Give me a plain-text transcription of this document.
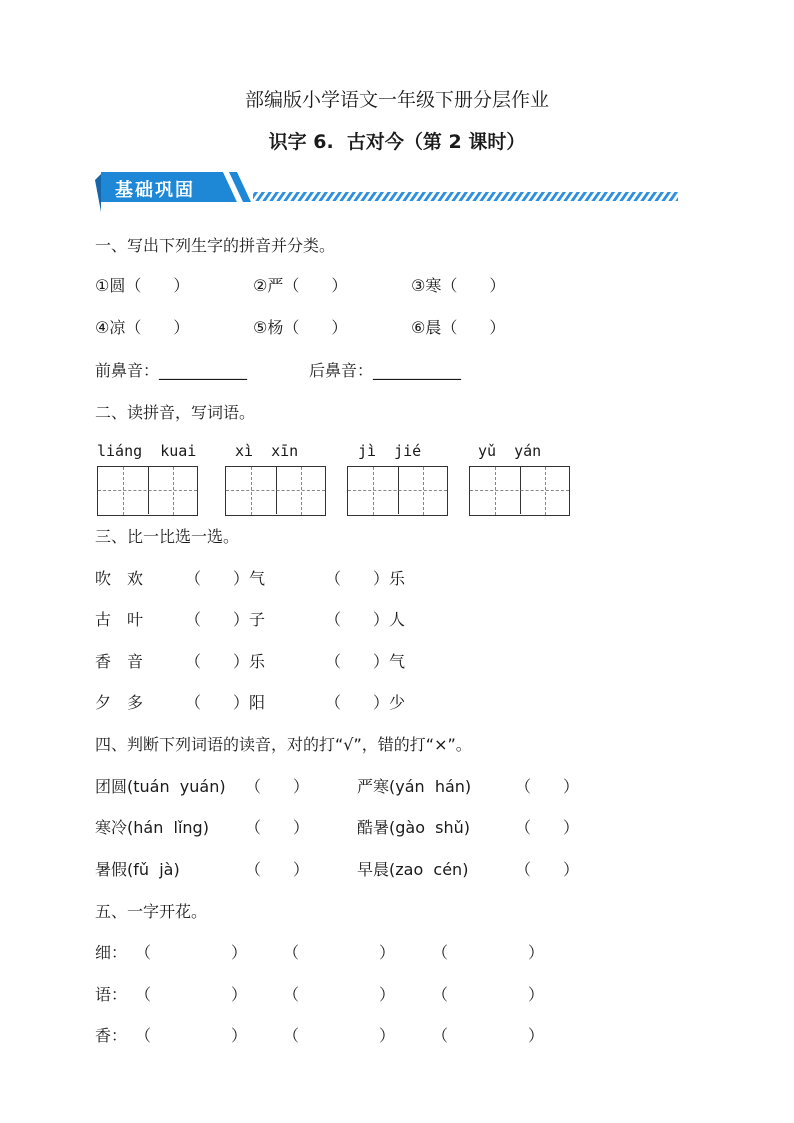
部编版小学语文一年级下册分层作业
识字 6.  古对今（第 2 课时）
基础巩固
一、写出下列生字的拼音并分类。
①圆（　　）	②严（　　）	③寒（　　）
④凉（　　）	⑤杨（　　）	⑥晨（　　）
前鼻音：___________	后鼻音：___________
二、读拼音，写词语。
liáng  kuai	xì  xīn	jì  jié	yǔ  yán
三、比一比选一选。
吹　欢	（　　）气	（　　）乐
古　叶	（　　）子	（　　）人
香　音	（　　）乐	（　　）气
夕　多	（　　）阳	（　　）少
四、判断下列词语的读音，对的打“√”，错的打“×”。
团圆(tuán  yuán) （　　）	严寒(yán  hán)	（　　）
寒冷(hán  lǐng) （　　）	酷暑(gào  shǔ)	（　　）
暑假(fǔ  jà)	（　　）	早晨(zao  cén)	（　　）
五、一字开花。
细： （　　　　　） （　　　　　） （　　　　　）
语： （　　　　　） （　　　　　） （　　　　　）
香： （　　　　　） （　　　　　） （　　　　　）
